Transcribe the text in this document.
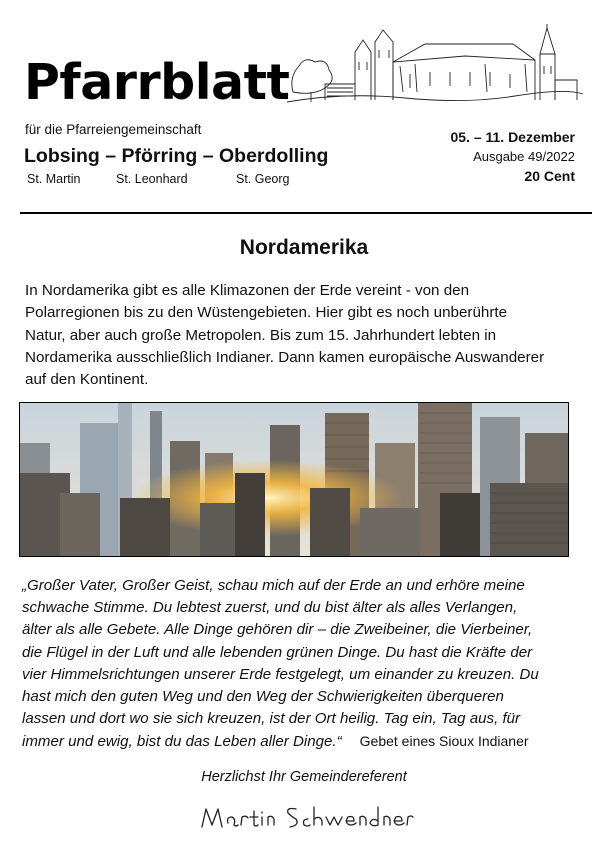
Pfarrblatt
für die Pfarreiengemeinschaft
Lobsing – Pförring – Oberdolling
St. Martin	St. Leonhard	St. Georg
05. – 11. Dezember
Ausgabe 49/2022
20 Cent
Nordamerika
In Nordamerika gibt es alle Klimazonen der Erde vereint - von den
Polarregionen bis zu den Wüstengebieten. Hier gibt es noch unberührte
Natur, aber auch große Metropolen. Bis zum 15. Jahrhundert lebten in
Nordamerika ausschließlich Indianer. Dann kamen europäische Auswanderer
auf den Kontinent.
„Großer Vater, Großer Geist, schau mich auf der Erde an und erhöre meine
schwache Stimme. Du lebtest zuerst, und du bist älter als alles Verlangen,
älter als alle Gebete. Alle Dinge gehören dir – die Zweibeiner, die Vierbeiner,
die Flügel in der Luft und alle lebenden grünen Dinge. Du hast die Kräfte der
vier Himmelsrichtungen unserer Erde festgelegt, um einander zu kreuzen. Du
hast mich den guten Weg und den Weg der Schwierigkeiten überqueren
lassen und dort wo sie sich kreuzen, ist der Ort heilig. Tag ein, Tag aus, für
immer und ewig, bist du das Leben aller Dinge.“ Gebet eines Sioux Indianer
Herzlichst Ihr Gemeindereferent
